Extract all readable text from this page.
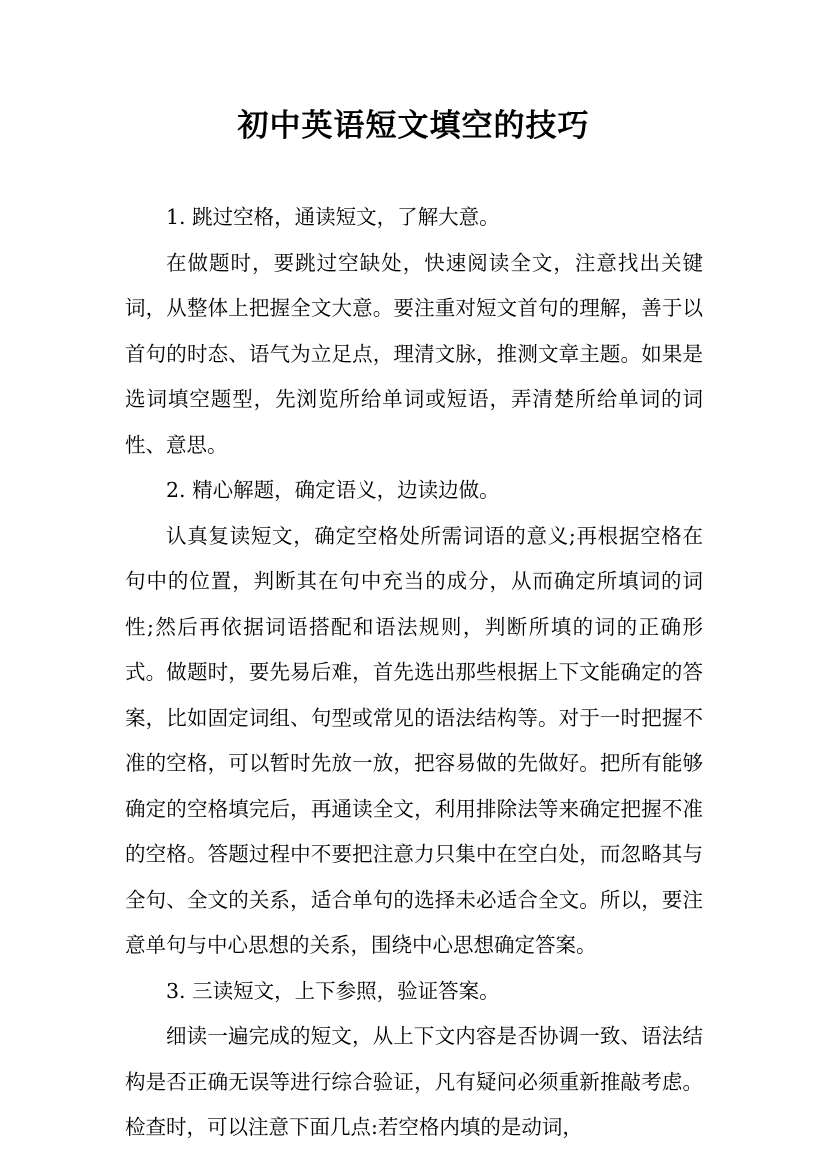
初中英语短文填空的技巧

1. 跳过空格，通读短文，了解大意。

在做题时，要跳过空缺处，快速阅读全文，注意找出关键词，从整体上把握全文大意。要注重对短文首句的理解，善于以首句的时态、语气为立足点，理清文脉，推测文章主题。如果是选词填空题型，先浏览所给单词或短语，弄清楚所给单词的词性、意思。

2. 精心解题，确定语义，边读边做。

认真复读短文，确定空格处所需词语的意义;再根据空格在句中的位置，判断其在句中充当的成分，从而确定所填词的词性;然后再依据词语搭配和语法规则，判断所填的词的正确形式。做题时，要先易后难，首先选出那些根据上下文能确定的答案，比如固定词组、句型或常见的语法结构等。对于一时把握不准的空格，可以暂时先放一放，把容易做的先做好。把所有能够确定的空格填完后，再通读全文，利用排除法等来确定把握不准的空格。答题过程中不要把注意力只集中在空白处，而忽略其与全句、全文的关系，适合单句的选择未必适合全文。所以，要注意单句与中心思想的关系，围绕中心思想确定答案。

3. 三读短文，上下参照，验证答案。

细读一遍完成的短文，从上下文内容是否协调一致、语法结构是否正确无误等进行综合验证，凡有疑问必须重新推敲考虑。检查时，可以注意下面几点:若空格内填的是动词，
